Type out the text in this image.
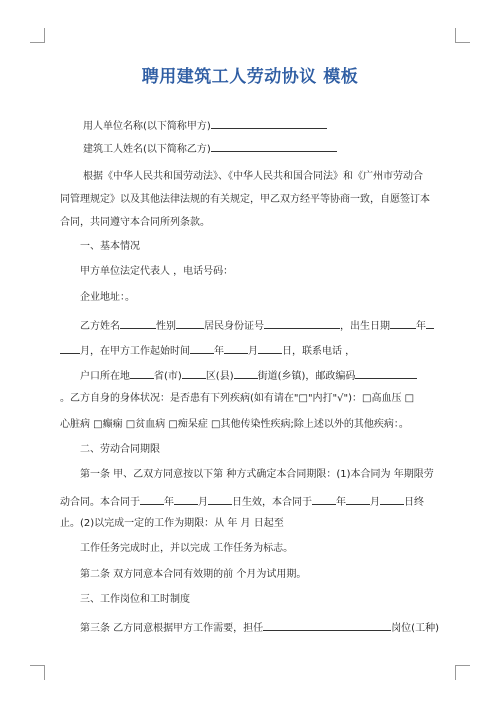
聘用建筑工人劳动协议 模板
用人单位名称(以下简称甲方)
建筑工人姓名(以下简称乙方)
根据《中华人民共和国劳动法》、《中华人民共和国合同法》和《广州市劳动合
同管理规定》以及其他法律法规的有关规定，甲乙双方经平等协商一致，自愿签订本
合同，共同遵守本合同所列条款。
一、基本情况
甲方单位法定代表人 ，电话号码：
企业地址：。
乙方姓名	性别	居民身份证号	，出生日期	年
月，在甲方工作起始时间 年 月 日，联系电话 ，
户口所在地 省(市) 区(县) 街道(乡镇)，邮政编码
。乙方自身的身体状况：是否患有下列疾病(如有请在"□"内打"√")：□高血压 □
心脏病 □癫痫 □贫血病 □痴呆症 □其他传染性疾病;除上述以外的其他疾病：。
二、劳动合同期限
第一条 甲、乙双方同意按以下第 种方式确定本合同期限：(1)本合同为 年期限劳
动合同。本合同于 年 月 日生效，本合同于 年 月 日终
止。(2)以完成一定的工作为期限：从 年 月 日起至
工作任务完成时止，并以完成 工作任务为标志。
第二条 双方同意本合同有效期的前 个月为试用期。
三、工作岗位和工时制度
第三条 乙方同意根据甲方工作需要，担任	岗位(工种)
